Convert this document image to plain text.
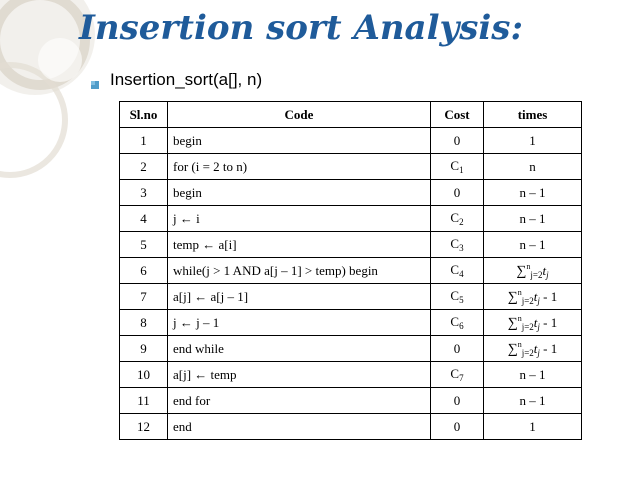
Insertion sort Analysis:
Insertion_sort(a[], n)
Sl.no	Code	Cost	times
1	begin	0	1
2	for (i = 2 to n)	$C_1$	n
3	begin	0	n – 1
4	j ← i	$C_2$	n – 1
5	temp ← a[i]	$C_3$	n – 1
6	while(j > 1 AND a[j – 1] > temp) begin	$C_4$	$\sum^n_{j=2}t_j$
7	a[j] ← a[j – 1]	$C_5$	$\sum^n_{j=2}t_j - 1$
8	j ← j – 1	$C_6$	$\sum^n_{j=2}t_j - 1$
9	end while	0	$\sum^n_{j=2}t_j - 1$
10	a[j] ← temp	$C_7$	n – 1
11	end for	0	n – 1
12	end	0	1
